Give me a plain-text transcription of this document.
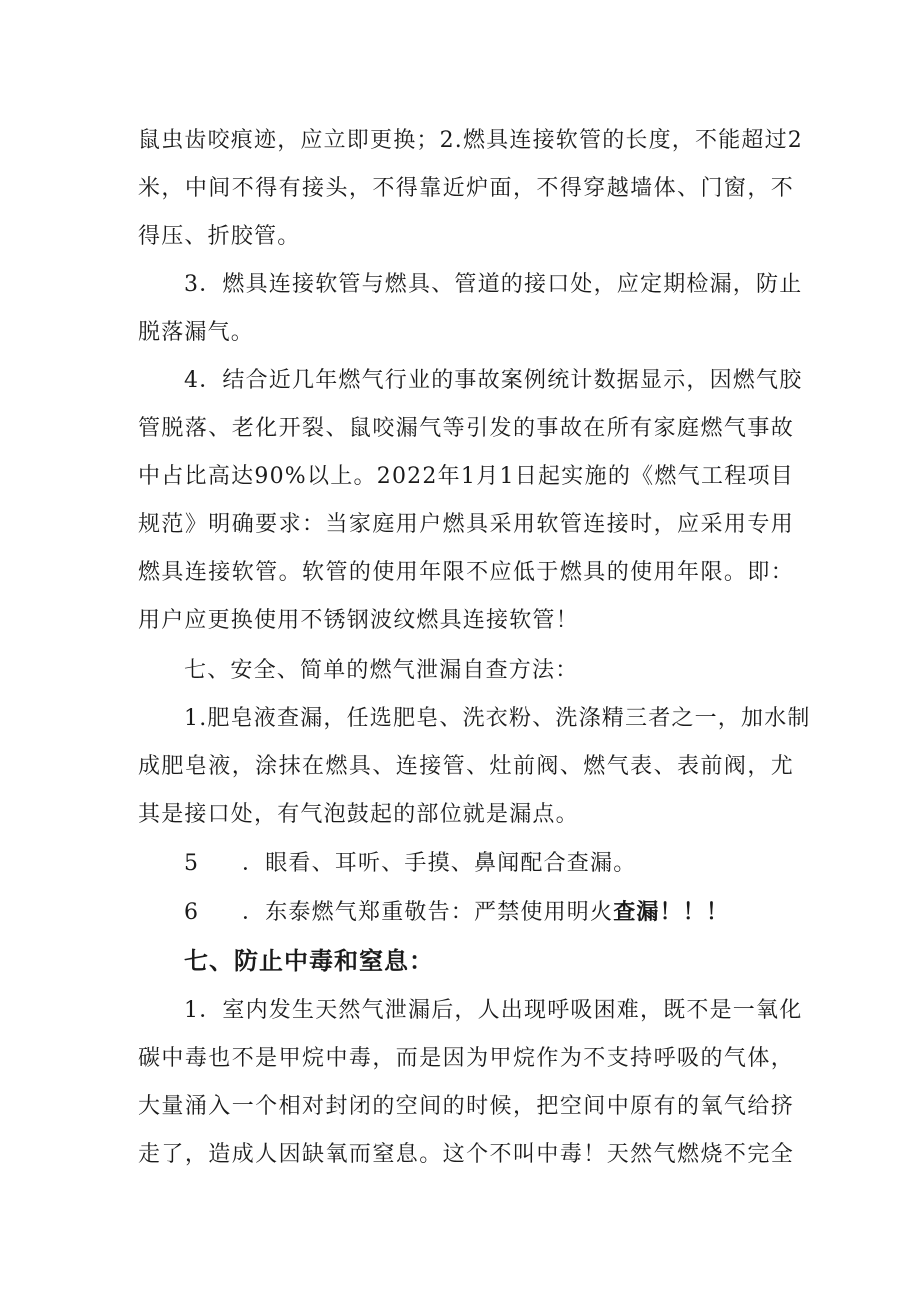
鼠虫齿咬痕迹，应立即更换；2.燃具连接软管的长度，不能超过2
米，中间不得有接头，不得靠近炉面，不得穿越墙体、门窗，不
得压、折胶管。
3．燃具连接软管与燃具、管道的接口处，应定期检漏，防止
脱落漏气。
4．结合近几年燃气行业的事故案例统计数据显示，因燃气胶
管脱落、老化开裂、鼠咬漏气等引发的事故在所有家庭燃气事故
中占比高达90%以上。2022年1月1日起实施的《燃气工程项目
规范》明确要求：当家庭用户燃具采用软管连接时，应采用专用
燃具连接软管。软管的使用年限不应低于燃具的使用年限。即：
用户应更换使用不锈钢波纹燃具连接软管！
七、安全、简单的燃气泄漏自查方法：
1.肥皂液查漏，任选肥皂、洗衣粉、洗涤精三者之一，加水制
成肥皂液，涂抹在燃具、连接管、灶前阀、燃气表、表前阀，尤
其是接口处，有气泡鼓起的部位就是漏点。
5 ．眼看、耳听、手摸、鼻闻配合查漏。
6 ．东泰燃气郑重敬告：严禁使用明火查漏！！！
七、防止中毒和窒息：
1．室内发生天然气泄漏后，人出现呼吸困难，既不是一氧化
碳中毒也不是甲烷中毒，而是因为甲烷作为不支持呼吸的气体，
大量涌入一个相对封闭的空间的时候，把空间中原有的氧气给挤
走了，造成人因缺氧而窒息。这个不叫中毒！天然气燃烧不完全
